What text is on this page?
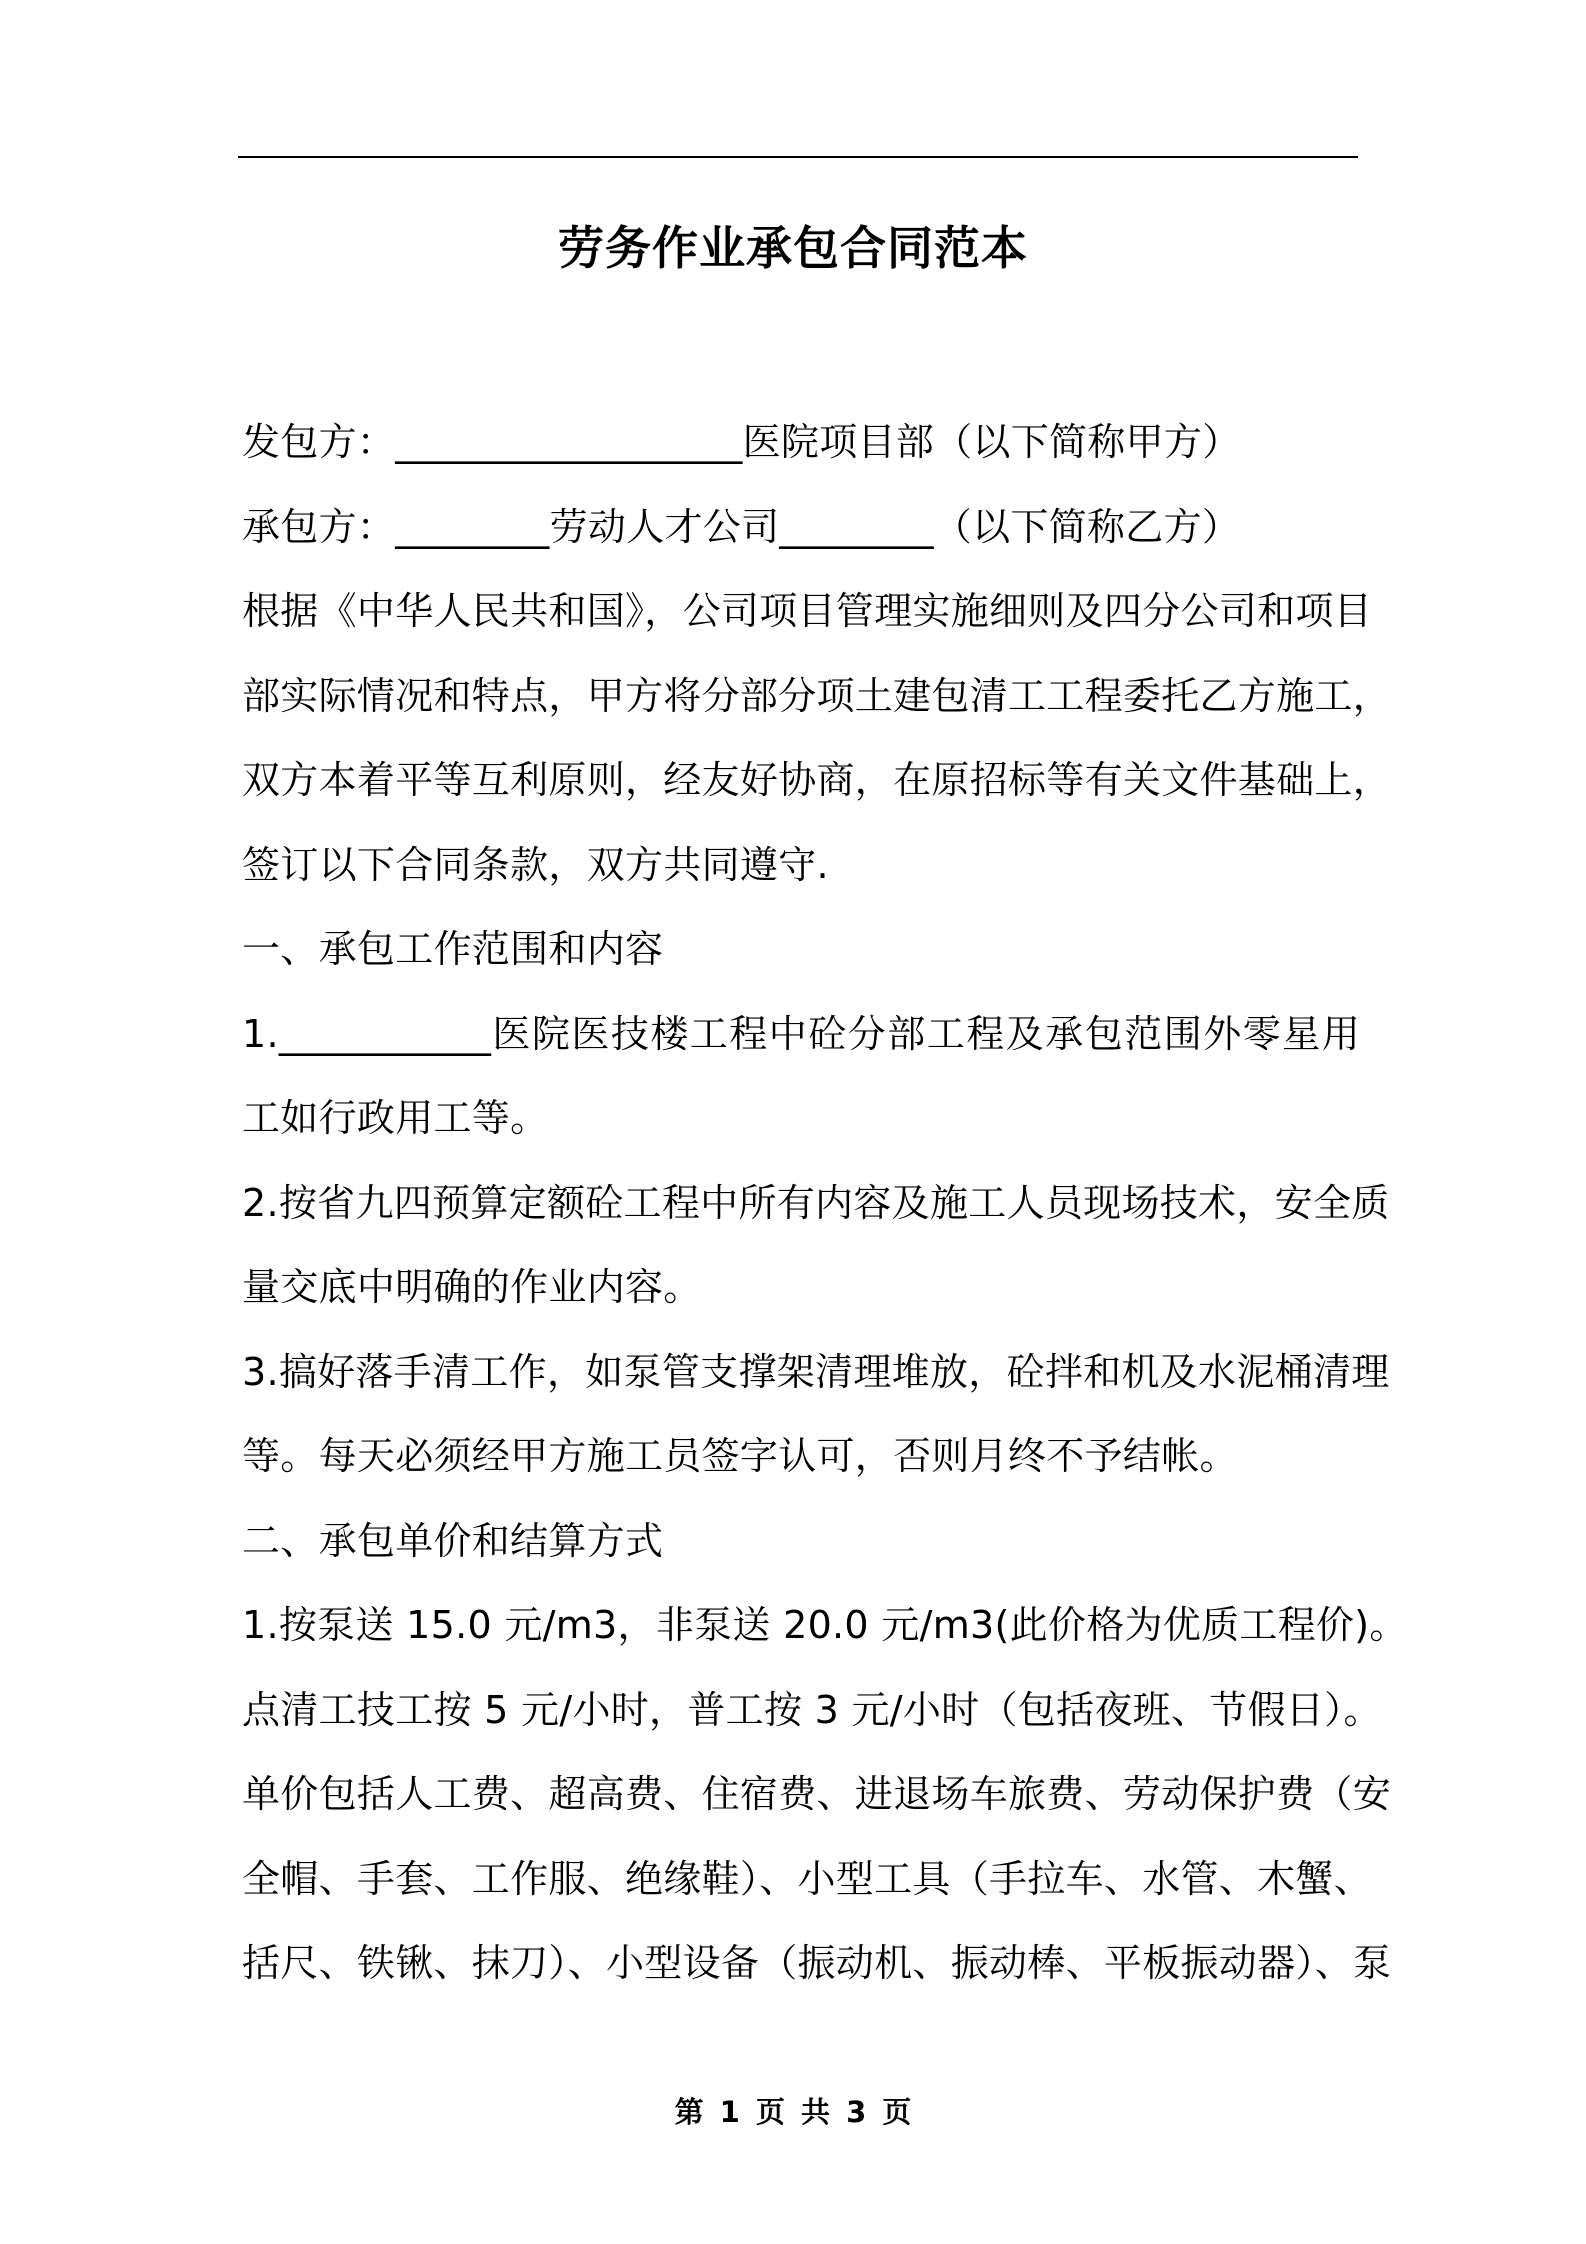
劳务作业承包合同范本
发包方：__________________医院项目部（以下简称甲方）
承包方：________劳动人才公司________（以下简称乙方）
根据《中华人民共和国》，公司项目管理实施细则及四分公司和项目
部实际情况和特点，甲方将分部分项土建包清工工程委托乙方施工，
双方本着平等互利原则，经友好协商，在原招标等有关文件基础上，
签订以下合同条款，双方共同遵守.
一、承包工作范围和内容
1.___________医院医技楼工程中砼分部工程及承包范围外零星用
工如行政用工等。
2.按省九四预算定额砼工程中所有内容及施工人员现场技术，安全质
量交底中明确的作业内容。
3.搞好落手清工作，如泵管支撑架清理堆放，砼拌和机及水泥桶清理
等。每天必须经甲方施工员签字认可，否则月终不予结帐。
二、承包单价和结算方式
1.按泵送 15.0 元/m3，非泵送 20.0 元/m3(此价格为优质工程价)。
点清工技工按 5 元/小时，普工按 3 元/小时（包括夜班、节假日）。
单价包括人工费、超高费、住宿费、进退场车旅费、劳动保护费（安
全帽、手套、工作服、绝缘鞋）、小型工具（手拉车、水管、木蟹、
括尺、铁锹、抹刀）、小型设备（振动机、振动棒、平板振动器）、泵
第 1 页 共 3 页
